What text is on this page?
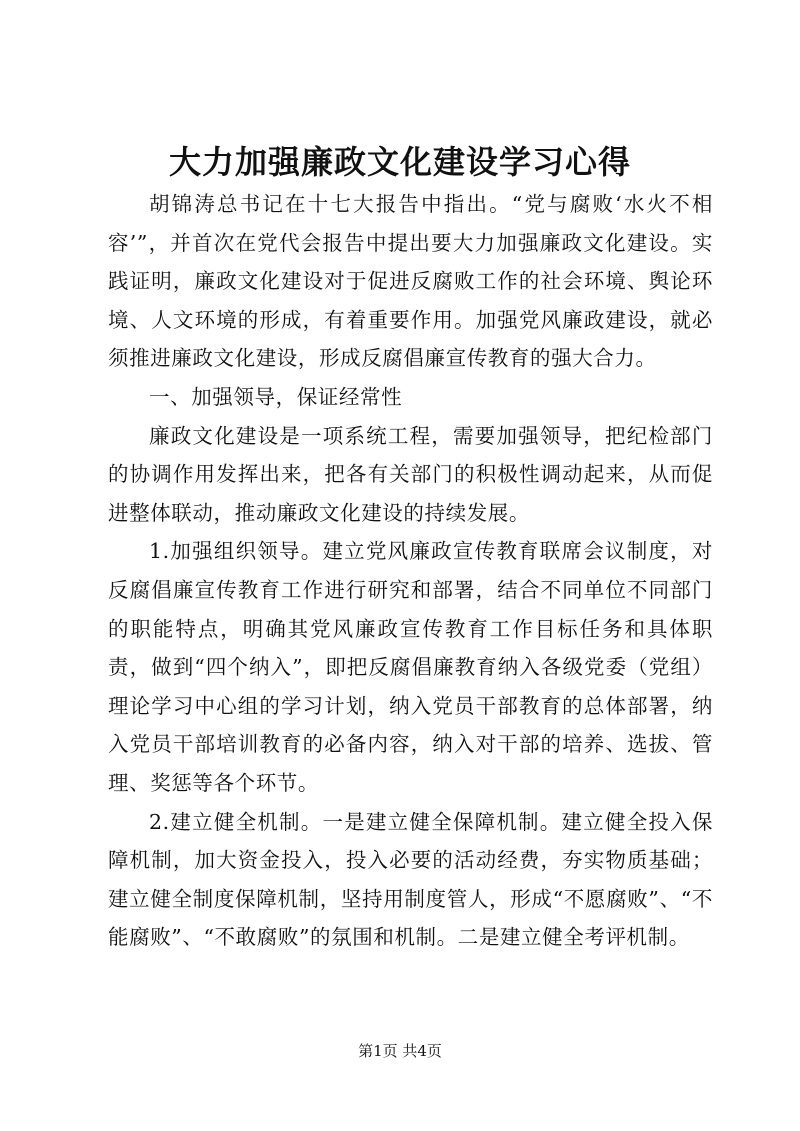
大力加强廉政文化建设学习心得

胡锦涛总书记在十七大报告中指出。“党与腐败‘水火不相容’”，并首次在党代会报告中提出要大力加强廉政文化建设。实践证明，廉政文化建设对于促进反腐败工作的社会环境、舆论环境、人文环境的形成，有着重要作用。加强党风廉政建设，就必须推进廉政文化建设，形成反腐倡廉宣传教育的强大合力。

一、加强领导，保证经常性

廉政文化建设是一项系统工程，需要加强领导，把纪检部门的协调作用发挥出来，把各有关部门的积极性调动起来，从而促进整体联动，推动廉政文化建设的持续发展。

1.加强组织领导。建立党风廉政宣传教育联席会议制度，对反腐倡廉宣传教育工作进行研究和部署，结合不同单位不同部门的职能特点，明确其党风廉政宣传教育工作目标任务和具体职责，做到“四个纳入”，即把反腐倡廉教育纳入各级党委（党组）理论学习中心组的学习计划，纳入党员干部教育的总体部署，纳入党员干部培训教育的必备内容，纳入对干部的培养、选拔、管理、奖惩等各个环节。

2.建立健全机制。一是建立健全保障机制。建立健全投入保障机制，加大资金投入，投入必要的活动经费，夯实物质基础；建立健全制度保障机制，坚持用制度管人，形成“不愿腐败”、“不能腐败”、“不敢腐败”的氛围和机制。二是建立健全考评机制。

第1页 共4页
